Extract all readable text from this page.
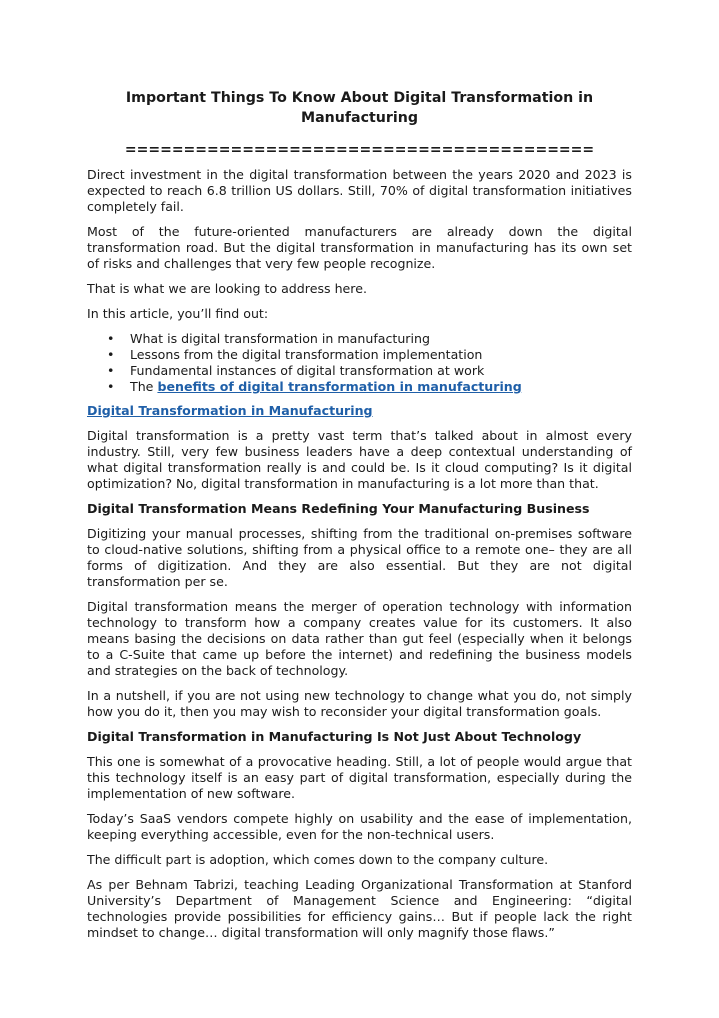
Important Things To Know About Digital Transformation in Manufacturing
========================================

Direct investment in the digital transformation between the years 2020 and 2023 is expected to reach 6.8 trillion US dollars. Still, 70% of digital transformation initiatives completely fail.

Most of the future-oriented manufacturers are already down the digital transformation road. But the digital transformation in manufacturing has its own set of risks and challenges that very few people recognize.

That is what we are looking to address here.

In this article, you’ll find out:

• What is digital transformation in manufacturing
• Lessons from the digital transformation implementation
• Fundamental instances of digital transformation at work
• The benefits of digital transformation in manufacturing
Digital Transformation in Manufacturing

Digital transformation is a pretty vast term that’s talked about in almost every industry. Still, very few business leaders have a deep contextual understanding of what digital transformation really is and could be. Is it cloud computing? Is it digital optimization? No, digital transformation in manufacturing is a lot more than that.

Digital Transformation Means Redefining Your Manufacturing Business

Digitizing your manual processes, shifting from the traditional on-premises software to cloud-native solutions, shifting from a physical office to a remote one– they are all forms of digitization. And they are also essential. But they are not digital transformation per se.

Digital transformation means the merger of operation technology with information technology to transform how a company creates value for its customers. It also means basing the decisions on data rather than gut feel (especially when it belongs to a C-Suite that came up before the internet) and redefining the business models and strategies on the back of technology.

In a nutshell, if you are not using new technology to change what you do, not simply how you do it, then you may wish to reconsider your digital transformation goals.

Digital Transformation in Manufacturing Is Not Just About Technology

This one is somewhat of a provocative heading. Still, a lot of people would argue that this technology itself is an easy part of digital transformation, especially during the implementation of new software.

Today’s SaaS vendors compete highly on usability and the ease of implementation, keeping everything accessible, even for the non-technical users.

The difficult part is adoption, which comes down to the company culture.

As per Behnam Tabrizi, teaching Leading Organizational Transformation at Stanford University’s Department of Management Science and Engineering: “digital technologies provide possibilities for efficiency gains… But if people lack the right mindset to change… digital transformation will only magnify those flaws.”
